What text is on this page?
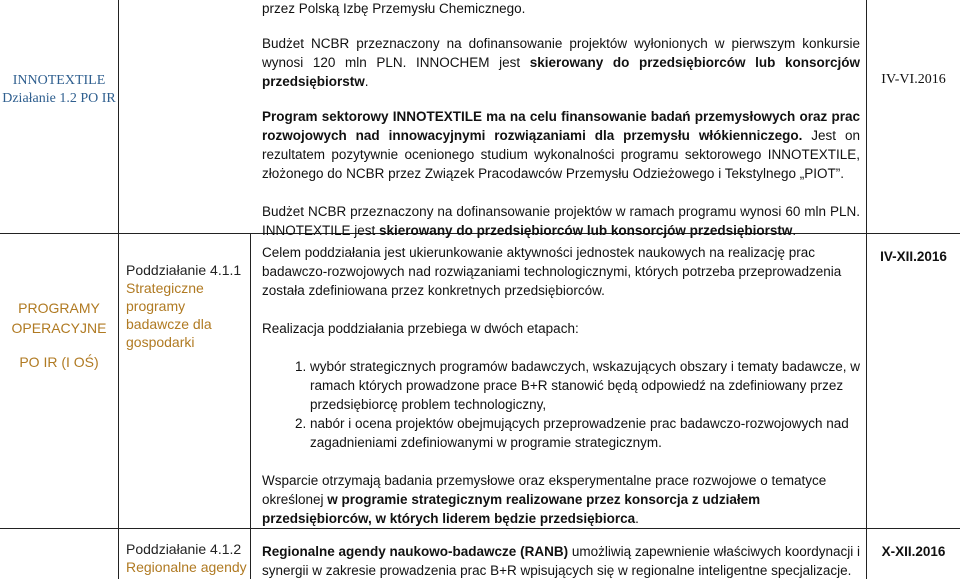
INNOTEXTILE
Działanie 1.2 PO IR

przez Polską Izbę Przemysłu Chemicznego.

Budżet NCBR przeznaczony na dofinansowanie projektów wyłonionych w pierwszym konkursie wynosi 120 mln PLN. INNOCHEM jest skierowany do przedsiębiorców lub konsorcjów przedsiębiorstw.

Program sektorowy INNOTEXTILE ma na celu finansowanie badań przemysłowych oraz prac rozwojowych nad innowacyjnymi rozwiązaniami dla przemysłu włókienniczego. Jest on rezultatem pozytywnie ocenionego studium wykonalności programu sektorowego INNOTEXTILE, złożonego do NCBR przez Związek Pracodawców Przemysłu Odzieżowego i Tekstylnego „PIOT”.

Budżet NCBR przeznaczony na dofinansowanie projektów w ramach programu wynosi 60 mln PLN. INNOTEXTILE jest skierowany do przedsiębiorców lub konsorcjów przedsiębiorstw.

IV-VI.2016
PROGRAMY OPERACYJNE
PO IR (I OŚ)
Poddziałanie 4.1.1
Strategiczne programy badawcze dla gospodarki

Celem poddziałania jest ukierunkowanie aktywności jednostek naukowych na realizację prac badawczo-rozwojowych nad rozwiązaniami technologicznymi, których potrzeba przeprowadzenia została zdefiniowana przez konkretnych przedsiębiorców.

Realizacja poddziałania przebiega w dwóch etapach:

1. wybór strategicznych programów badawczych, wskazujących obszary i tematy badawcze, w ramach których prowadzone prace B+R stanowić będą odpowiedź na zdefiniowany przez przedsiębiorcę problem technologiczny,
2. nabór i ocena projektów obejmujących przeprowadzenie prac badawczo-rozwojowych nad zagadnieniami zdefiniowanymi w programie strategicznym.

Wsparcie otrzymają badania przemysłowe oraz eksperymentalne prace rozwojowe o tematyce określonej w programie strategicznym realizowane przez konsorcja z udziałem przedsiębiorców, w których liderem będzie przedsiębiorca.

IV-XII.2016
Poddziałanie 4.1.2
Regionalne agendy

Regionalne agendy naukowo-badawcze (RANB) umożliwią zapewnienie właściwych koordynacji i synergii w zakresie prowadzenia prac B+R wpisujących się w regionalne inteligentne specjalizacje.

X-XII.2016
